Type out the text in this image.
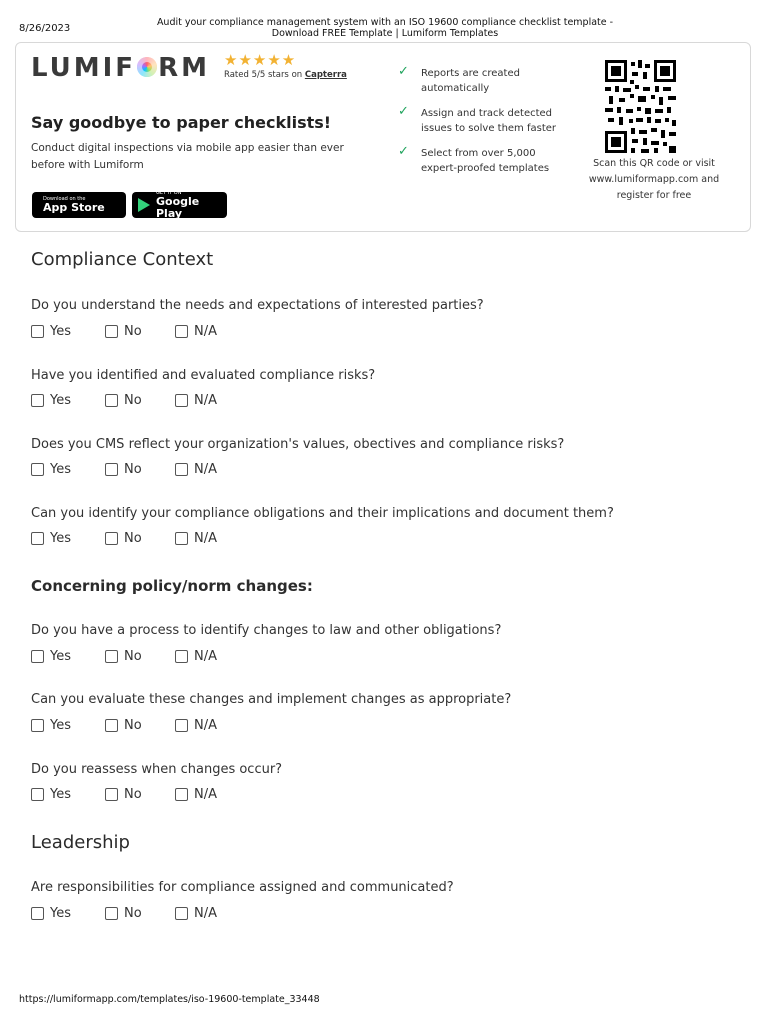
8/26/2023
Audit your compliance management system with an ISO 19600 compliance checklist template -
Download FREE Template | Lumiform Templates
LUMIF RM ★★★★★
Rated 5/5 stars on Capterra
Say goodbye to paper checklists!
Conduct digital inspections via mobile app easier than ever before with Lumiform
Download on the
App Store
GET IT ON
Google Play
✓ Reports are created automatically
✓ Assign and track detected issues to solve them faster
✓ Select from over 5,000 expert-proofed templates	Scan this QR code or visit www.lumiformapp.com and register for free
Compliance Context
Do you understand the needs and expectations of interested parties?
Yes	No	N/A
Have you identified and evaluated compliance risks?
Yes	No	N/A
Does you CMS reflect your organization's values, obectives and compliance risks?
Yes	No	N/A
Can you identify your compliance obligations and their implications and document them?
Yes	No	N/A
Concerning policy/norm changes:
Do you have a process to identify changes to law and other obligations?
Yes	No	N/A
Can you evaluate these changes and implement changes as appropriate?
Yes	No	N/A
Do you reassess when changes occur?
Yes	No	N/A
Leadership
Are responsibilities for compliance assigned and communicated?
Yes	No	N/A
https://lumiformapp.com/templates/iso-19600-template_33448
